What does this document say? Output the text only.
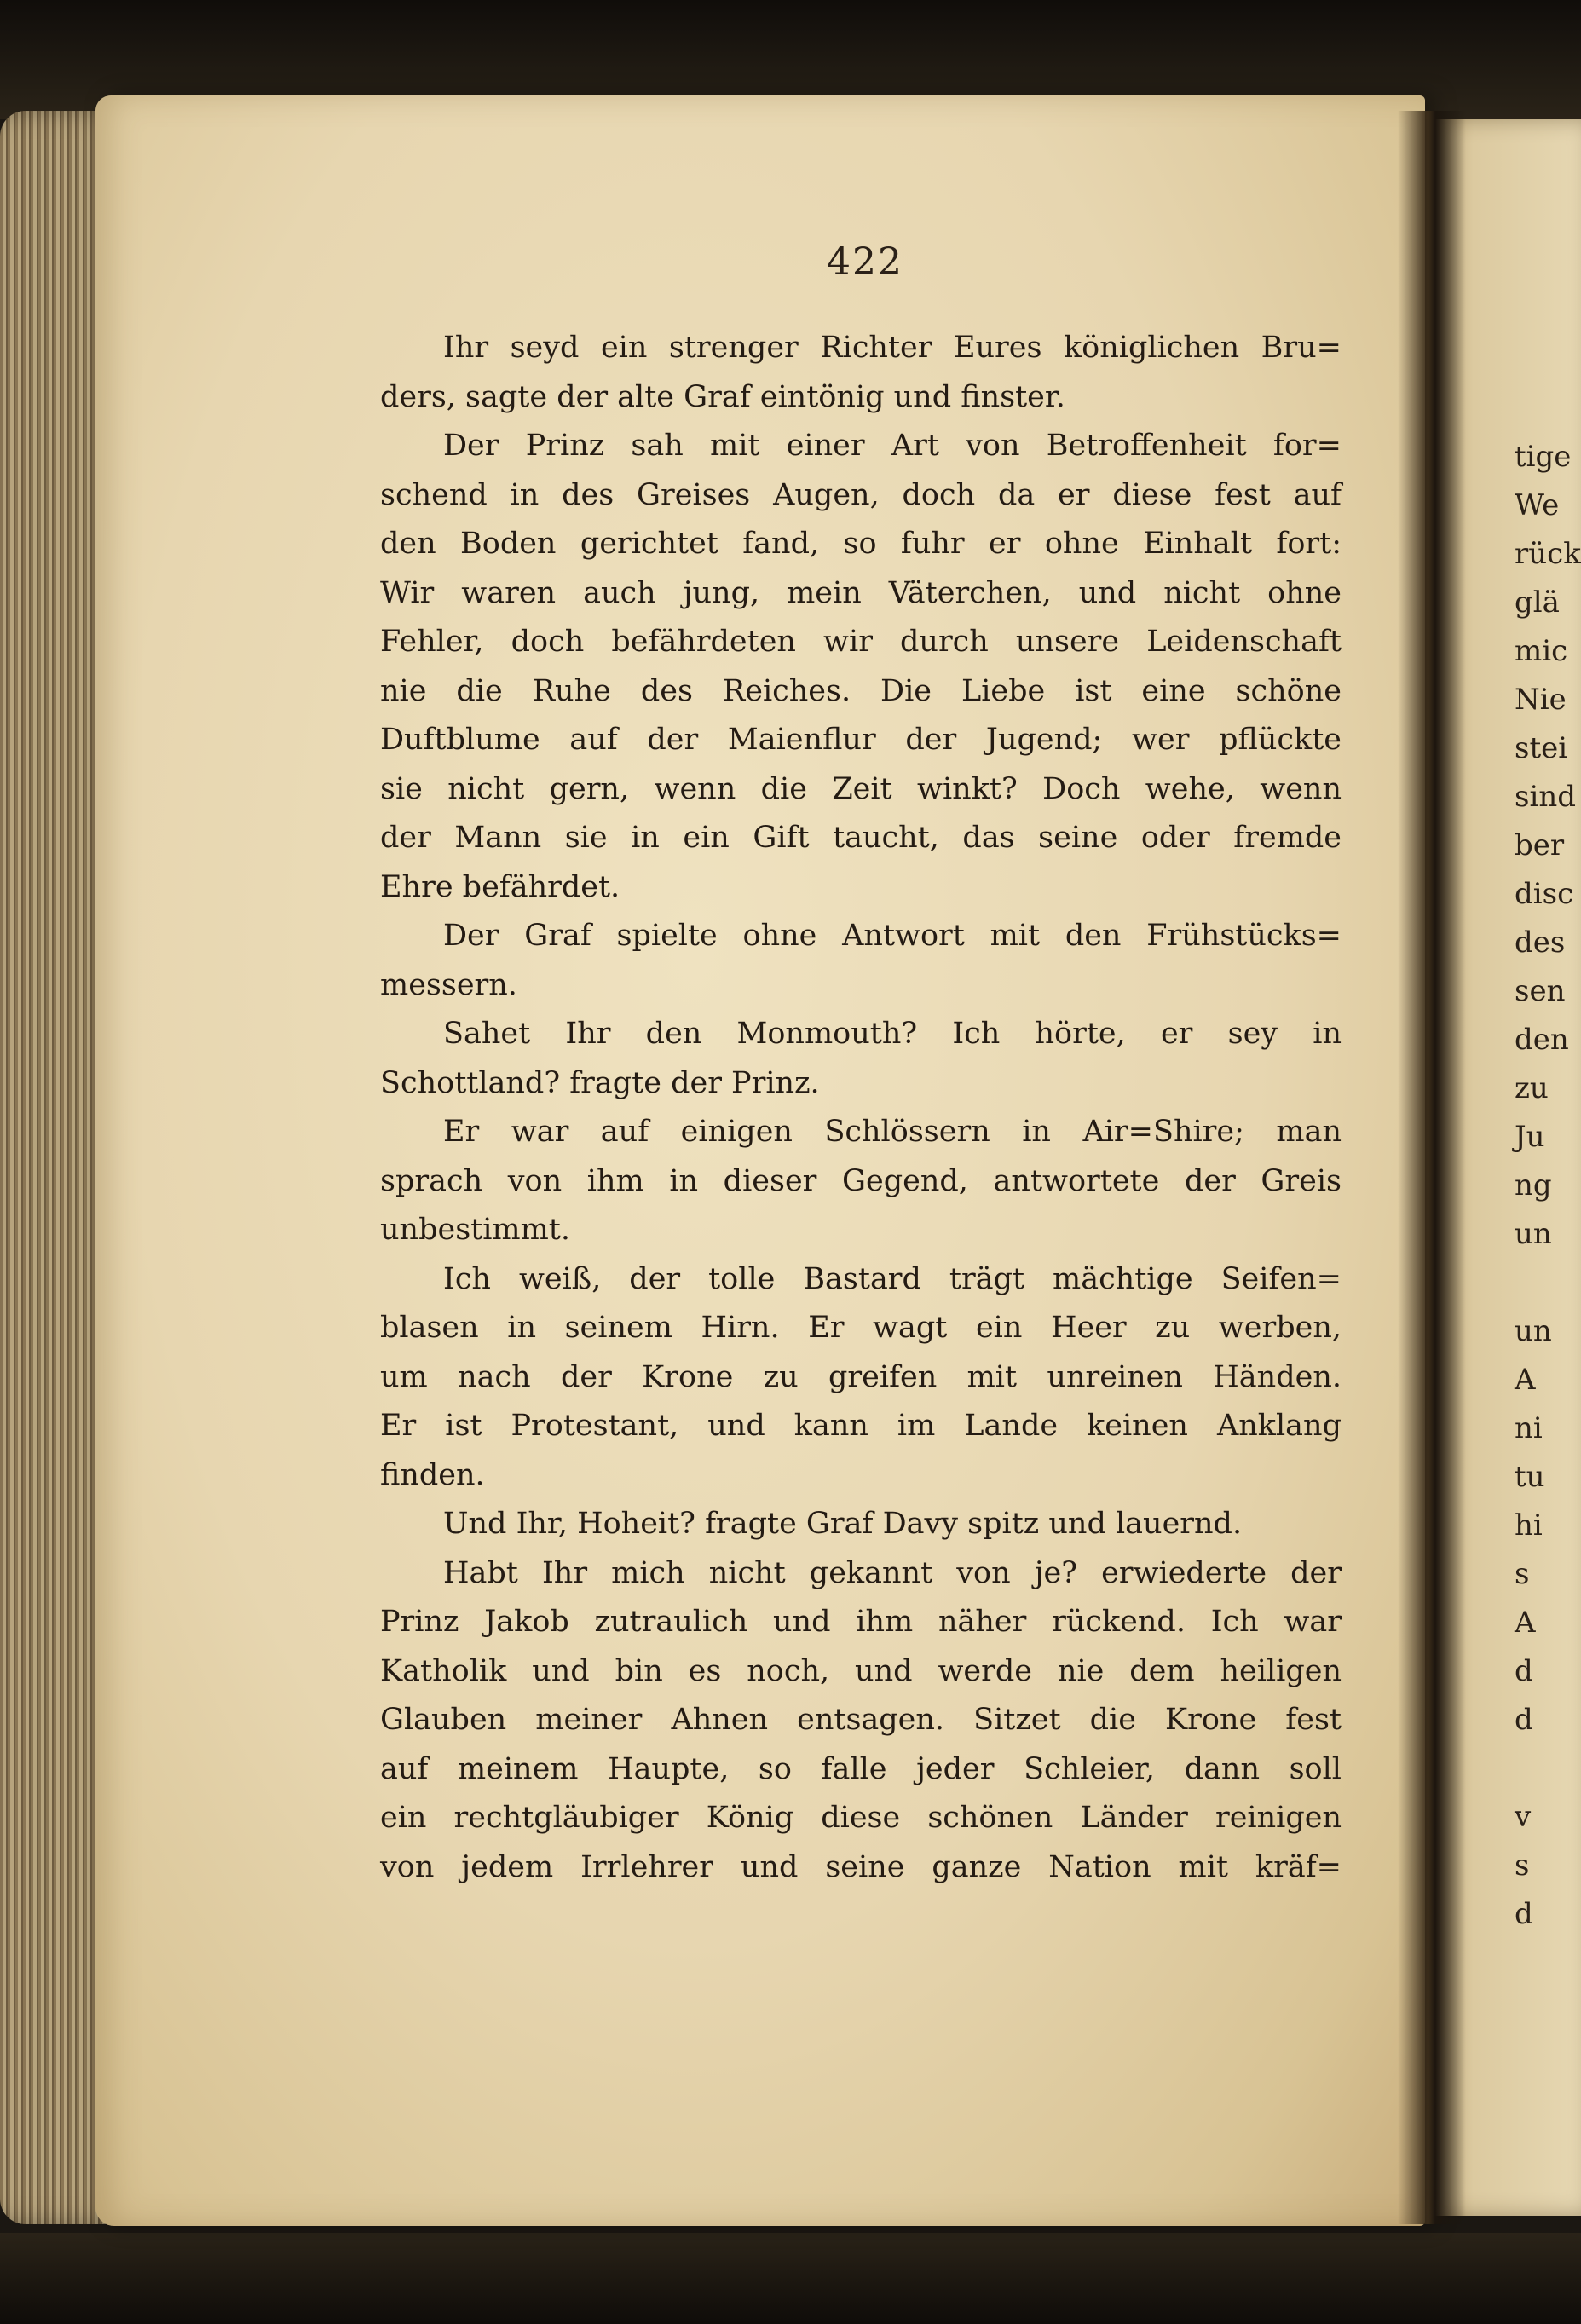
tige
We
rück
glä
mic
Nie
stei
sind
ber
disc
des
sen
den
zu
Ju
ng
un
un
A
ni
tu
hi
s
A
d
d
v
s
d
422
Ihr seyd ein strenger Richter Eures königlichen Bru=
ders, sagte der alte Graf eintönig und finster.
Der Prinz sah mit einer Art von Betroffenheit for=
schend in des Greises Augen, doch da er diese fest auf
den Boden gerichtet fand, so fuhr er ohne Einhalt fort:
Wir waren auch jung, mein Väterchen, und nicht ohne
Fehler, doch befährdeten wir durch unsere Leidenschaft
nie die Ruhe des Reiches. Die Liebe ist eine schöne
Duftblume auf der Maienflur der Jugend; wer pflückte
sie nicht gern, wenn die Zeit winkt? Doch wehe, wenn
der Mann sie in ein Gift taucht, das seine oder fremde
Ehre befährdet.
Der Graf spielte ohne Antwort mit den Frühstücks=
messern.
Sahet Ihr den Monmouth? Ich hörte, er sey in
Schottland? fragte der Prinz.
Er war auf einigen Schlössern in Air=Shire; man
sprach von ihm in dieser Gegend, antwortete der Greis
unbestimmt.
Ich weiß, der tolle Bastard trägt mächtige Seifen=
blasen in seinem Hirn. Er wagt ein Heer zu werben,
um nach der Krone zu greifen mit unreinen Händen.
Er ist Protestant, und kann im Lande keinen Anklang
finden.
Und Ihr, Hoheit? fragte Graf Davy spitz und lauernd.
Habt Ihr mich nicht gekannt von je? erwiederte der
Prinz Jakob zutraulich und ihm näher rückend. Ich war
Katholik und bin es noch, und werde nie dem heiligen
Glauben meiner Ahnen entsagen. Sitzet die Krone fest
auf meinem Haupte, so falle jeder Schleier, dann soll
ein rechtgläubiger König diese schönen Länder reinigen
von jedem Irrlehrer und seine ganze Nation mit kräf=
